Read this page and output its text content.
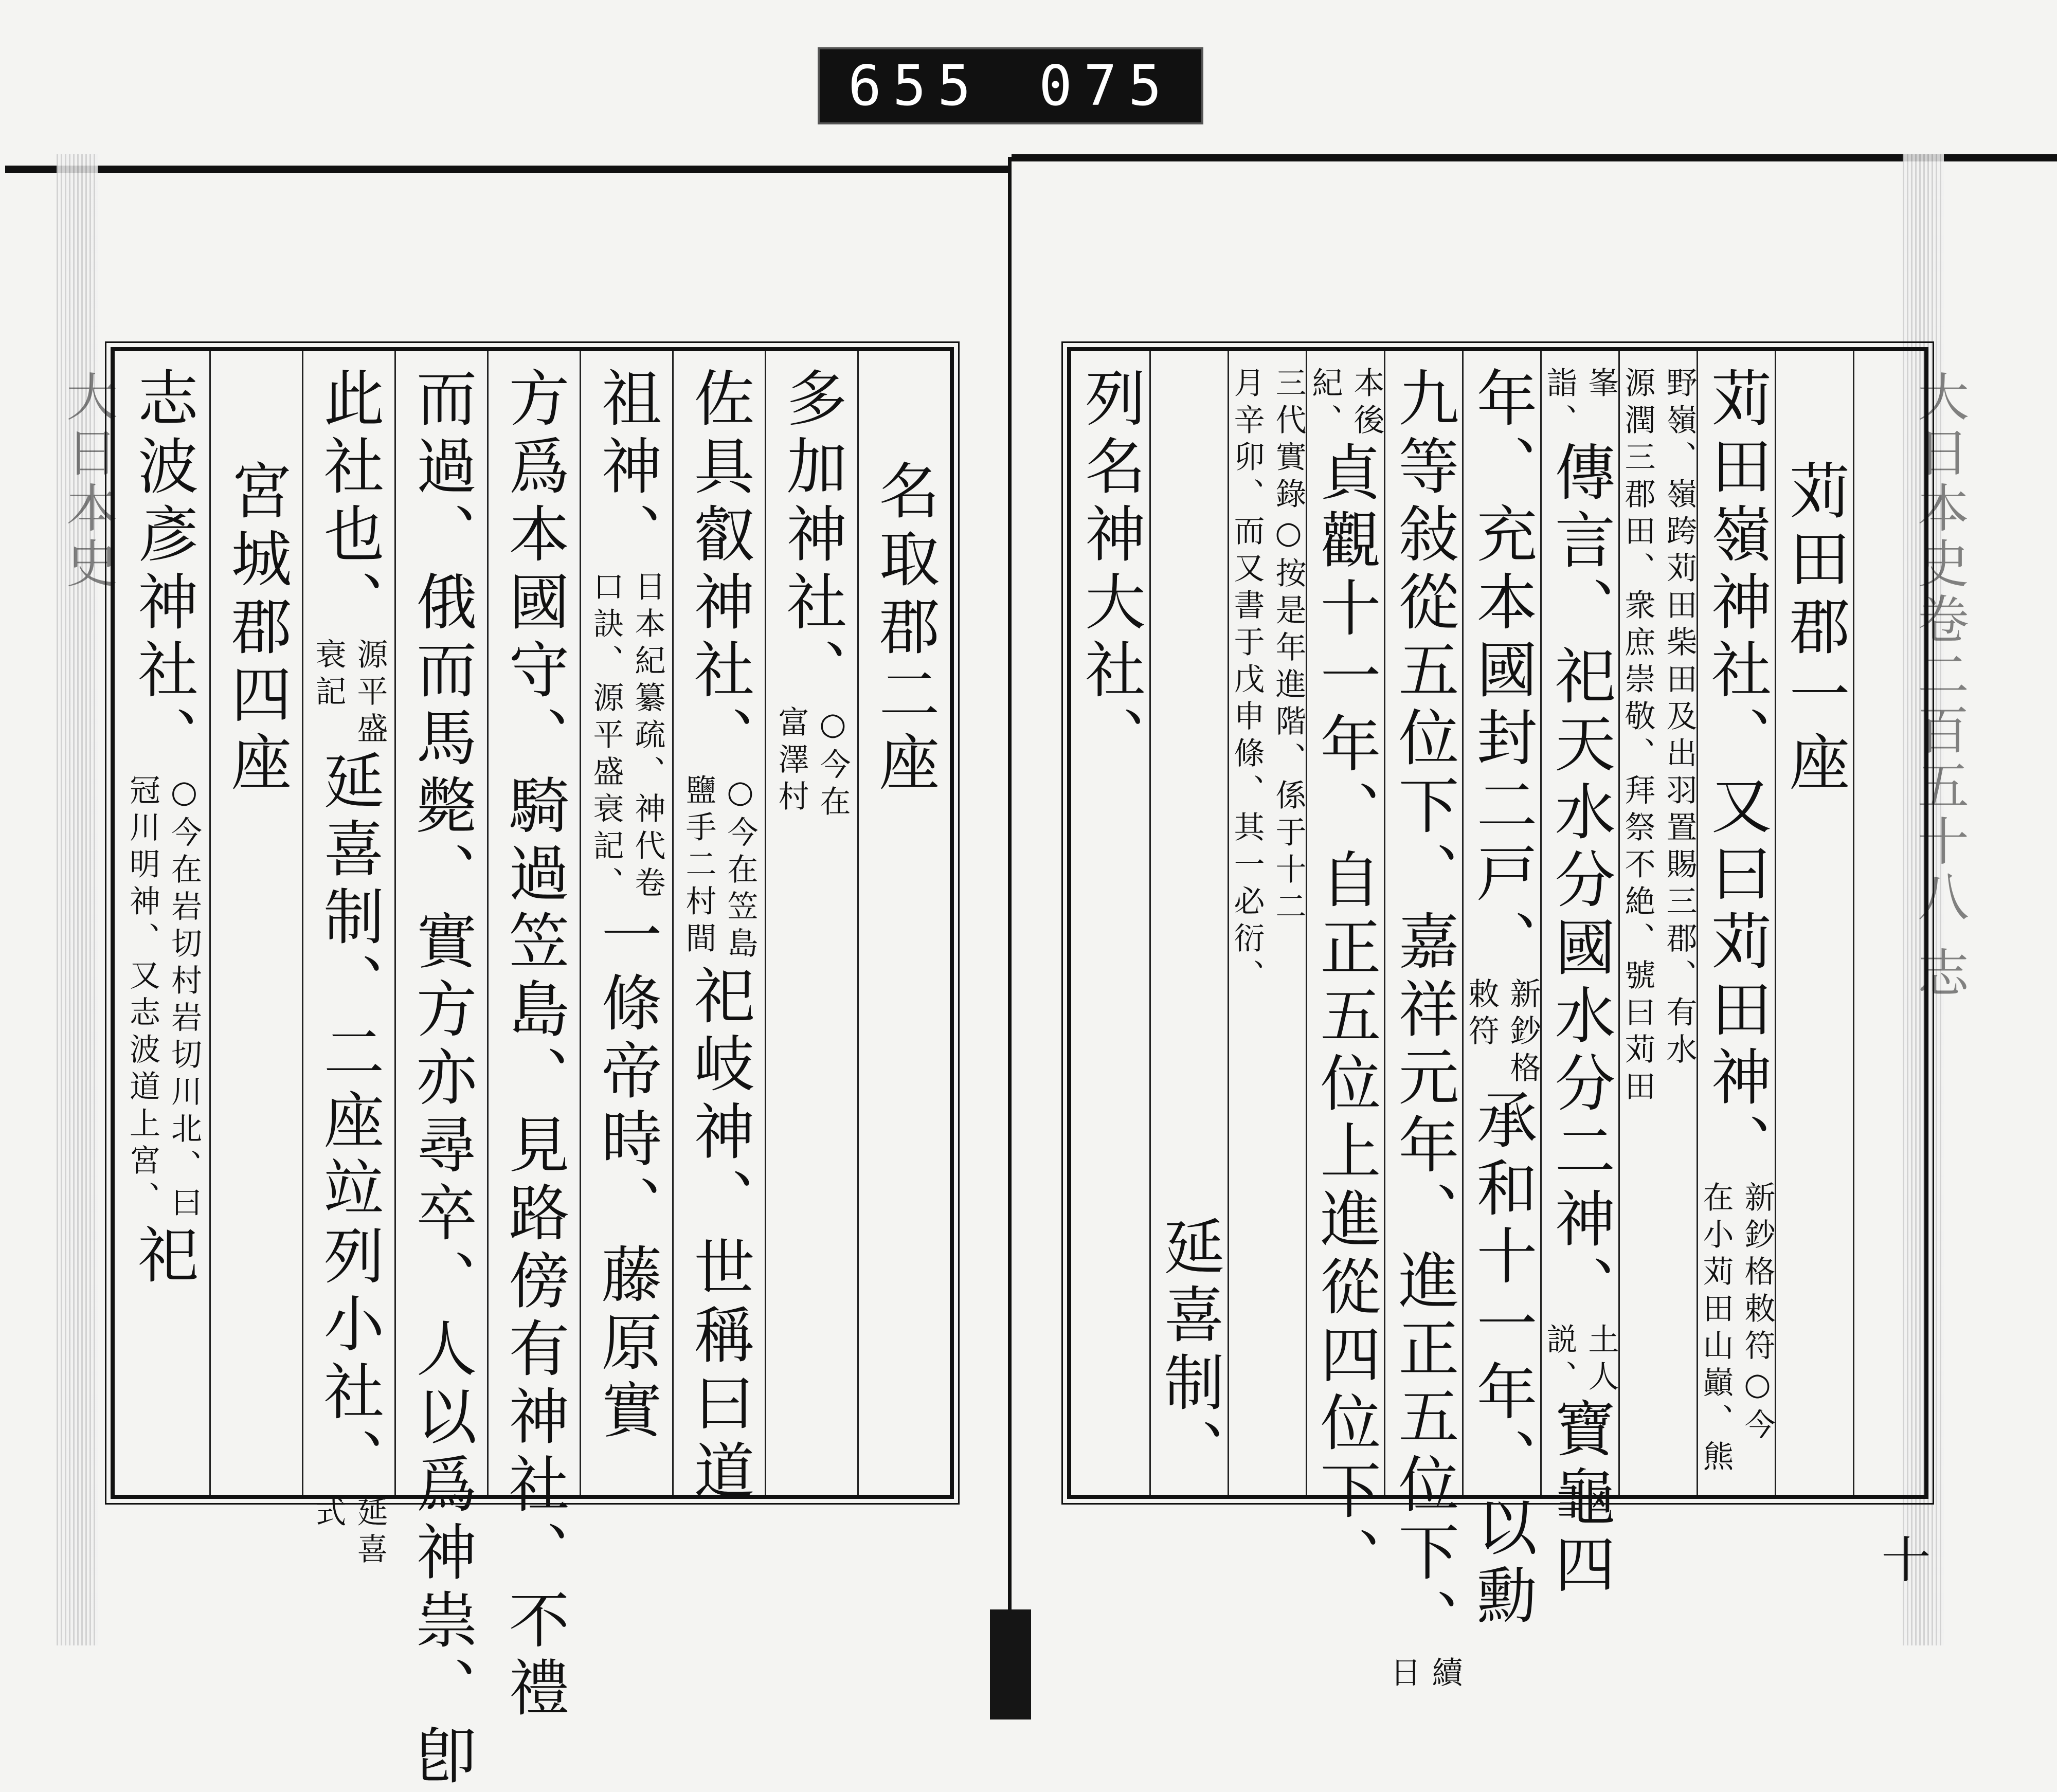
655 075
大日本史	大日本史卷二百五十八 志
名取郡二座
多加神社、
○今在
富澤村
佐具叡神社、
○今在笠島
鹽手二村間
祀岐神、世稱曰道
祖神、
日本紀纂疏、神代卷
口訣、源平盛衰記、
一條帝時、藤原實
方爲本國守、騎過笠島、見路傍有神社、不禮
而過、俄而馬斃、實方亦尋卒、人以爲神祟、卽
此社也、
源平盛
衰記
延喜制、二座竝列小社、
延喜
式
宮城郡四座
志波彥神社、
○今在岩切村岩切川北、曰
冠川明神、又志波道上宮、
祀
十
苅田郡一座
苅田嶺神社、又曰苅田神、
新鈔格敕符○今
在小苅田山巓、熊
野嶺、嶺跨苅田柴田及出羽置賜三郡、有水
源潤三郡田、衆庶崇敬、拜祭不絶、號曰苅田
峯
詣、
傳言、祀天水分國水分二神、
土人
説、
寶龜四
年、充本國封二戸、
新鈔格
敕符
承和十一年、以勳
九等敍從五位下、嘉祥元年、進正五位下、
續
日
本後
紀、
貞觀十一年、自正五位上進從四位下、
三代實錄○按是年進階、係于十二
月辛卯、而又書于戊申條、其一必衍、
延喜制、
列名神大社、
